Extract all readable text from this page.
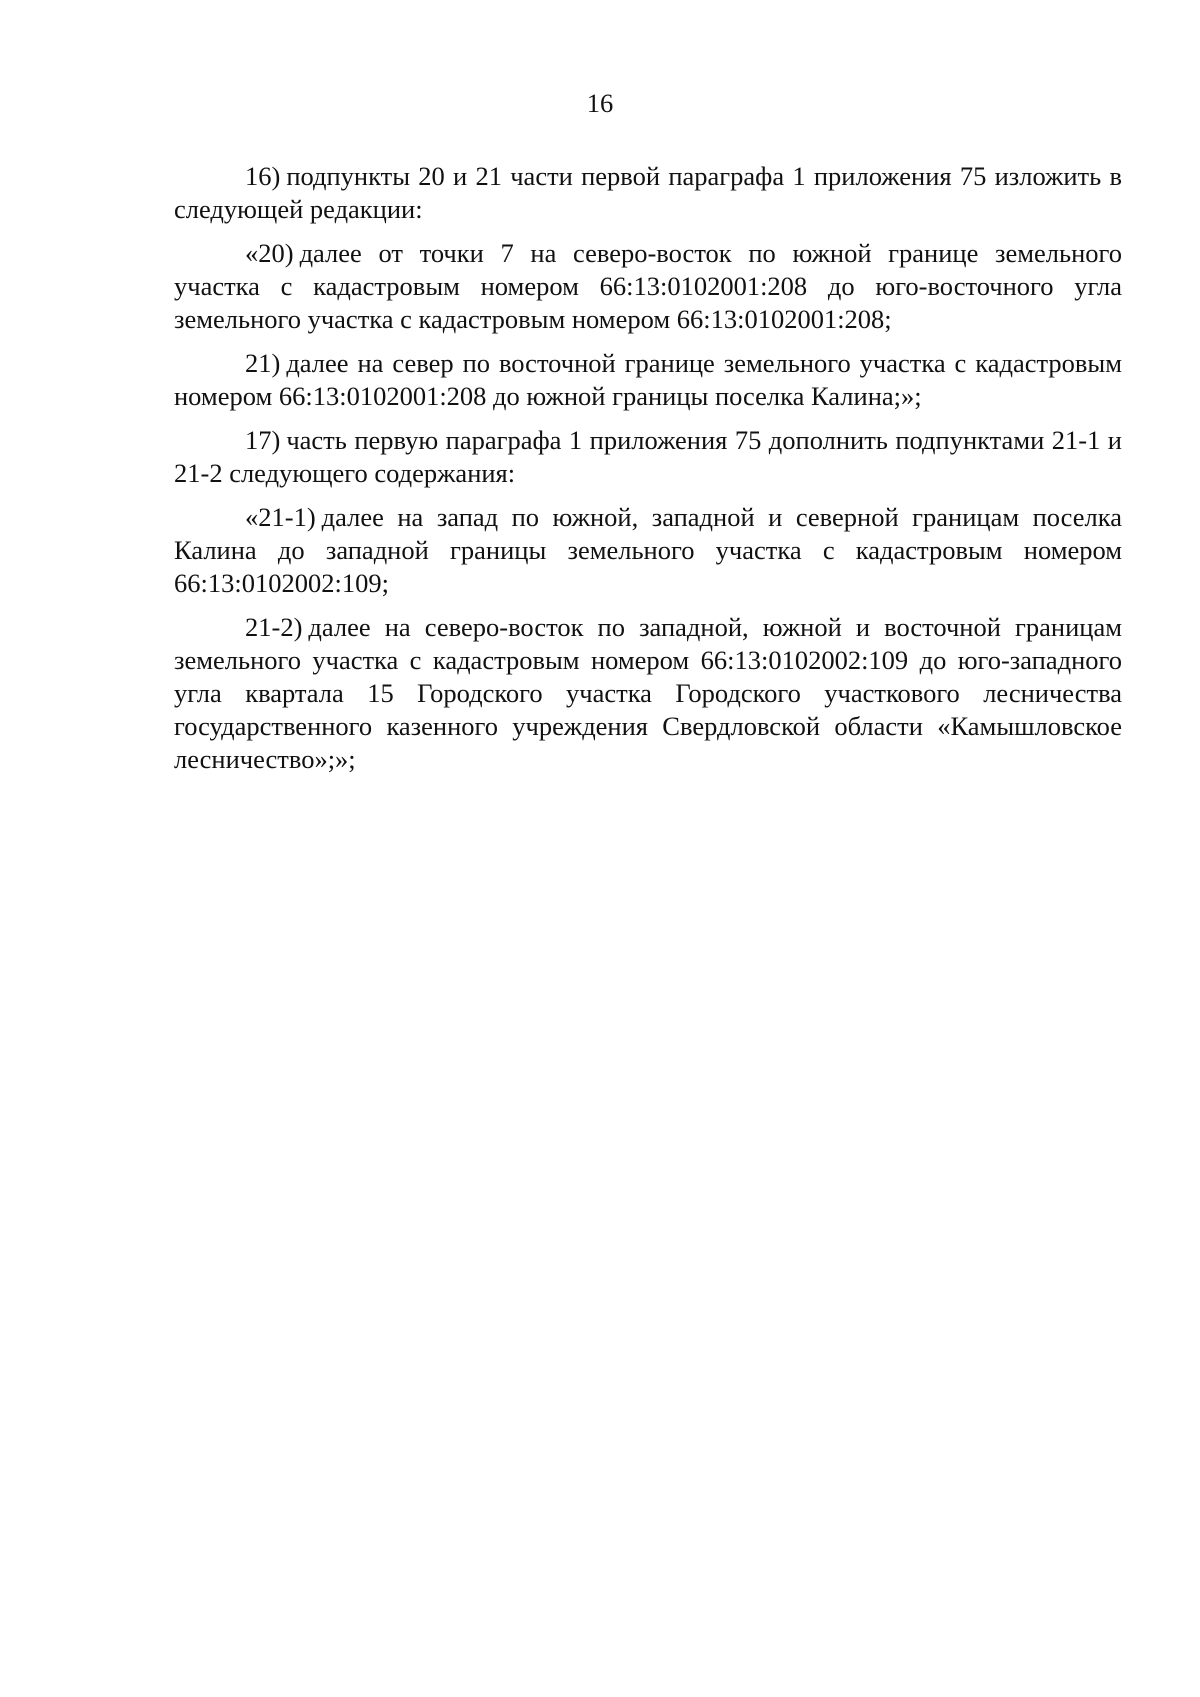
16

16) подпункты 20 и 21 части первой параграфа 1 приложения 75 изложить в следующей редакции:

«20) далее от точки 7 на северо-восток по южной границе земельного участка с кадастровым номером 66:13:0102001:208 до юго-восточного угла земельного участка с кадастровым номером 66:13:0102001:208;

21) далее на север по восточной границе земельного участка с кадастровым номером 66:13:0102001:208 до южной границы поселка Калина;»;

17) часть первую параграфа 1 приложения 75 дополнить подпунктами 21-1 и 21-2 следующего содержания:

«21-1) далее на запад по южной, западной и северной границам поселка Калина до западной границы земельного участка с кадастровым номером 66:13:0102002:109;

21-2) далее на северо-восток по западной, южной и восточной границам земельного участка с кадастровым номером 66:13:0102002:109 до юго-западного угла квартала 15 Городского участка Городского участкового лесничества государственного казенного учреждения Свердловской области «Камышловское лесничество»;»;
